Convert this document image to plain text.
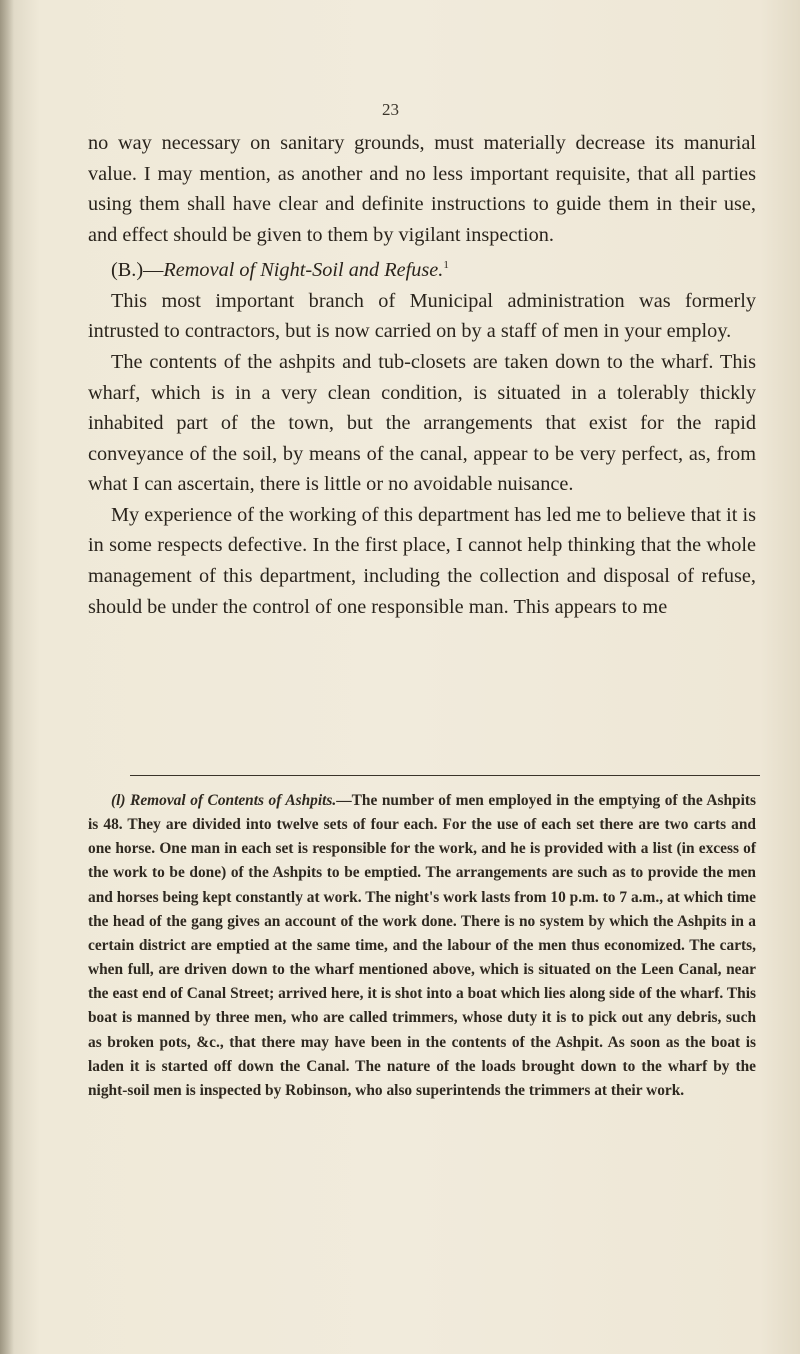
23

no way necessary on sanitary grounds, must materially decrease its manurial value. I may mention, as another and no less important requisite, that all parties using them shall have clear and definite instructions to guide them in their use, and effect should be given to them by vigilant inspection.

(B.)—Removal of Night-Soil and Refuse.$^1$

This most important branch of Municipal administration was formerly intrusted to contractors, but is now carried on by a staff of men in your employ.

The contents of the ashpits and tub-closets are taken down to the wharf. This wharf, which is in a very clean condition, is situated in a tolerably thickly inhabited part of the town, but the arrangements that exist for the rapid conveyance of the soil, by means of the canal, appear to be very perfect, as, from what I can ascertain, there is little or no avoidable nuisance.

My experience of the working of this department has led me to believe that it is in some respects defective. In the first place, I cannot help thinking that the whole management of this department, including the collection and disposal of refuse, should be under the control of one responsible man. This appears to me

(l) Removal of Contents of Ashpits.—The number of men employed in the emptying of the Ashpits is 48. They are divided into twelve sets of four each. For the use of each set there are two carts and one horse. One man in each set is responsible for the work, and he is provided with a list (in excess of the work to be done) of the Ashpits to be emptied. The arrangements are such as to provide the men and horses being kept constantly at work. The night's work lasts from 10 p.m. to 7 a.m., at which time the head of the gang gives an account of the work done. There is no system by which the Ashpits in a certain district are emptied at the same time, and the labour of the men thus economized. The carts, when full, are driven down to the wharf mentioned above, which is situated on the Leen Canal, near the east end of Canal Street; arrived here, it is shot into a boat which lies along side of the wharf. This boat is manned by three men, who are called trimmers, whose duty it is to pick out any debris, such as broken pots, &c., that there may have been in the contents of the Ashpit. As soon as the boat is laden it is started off down the Canal. The nature of the loads brought down to the wharf by the night-soil men is inspected by Robinson, who also superintends the trimmers at their work.
